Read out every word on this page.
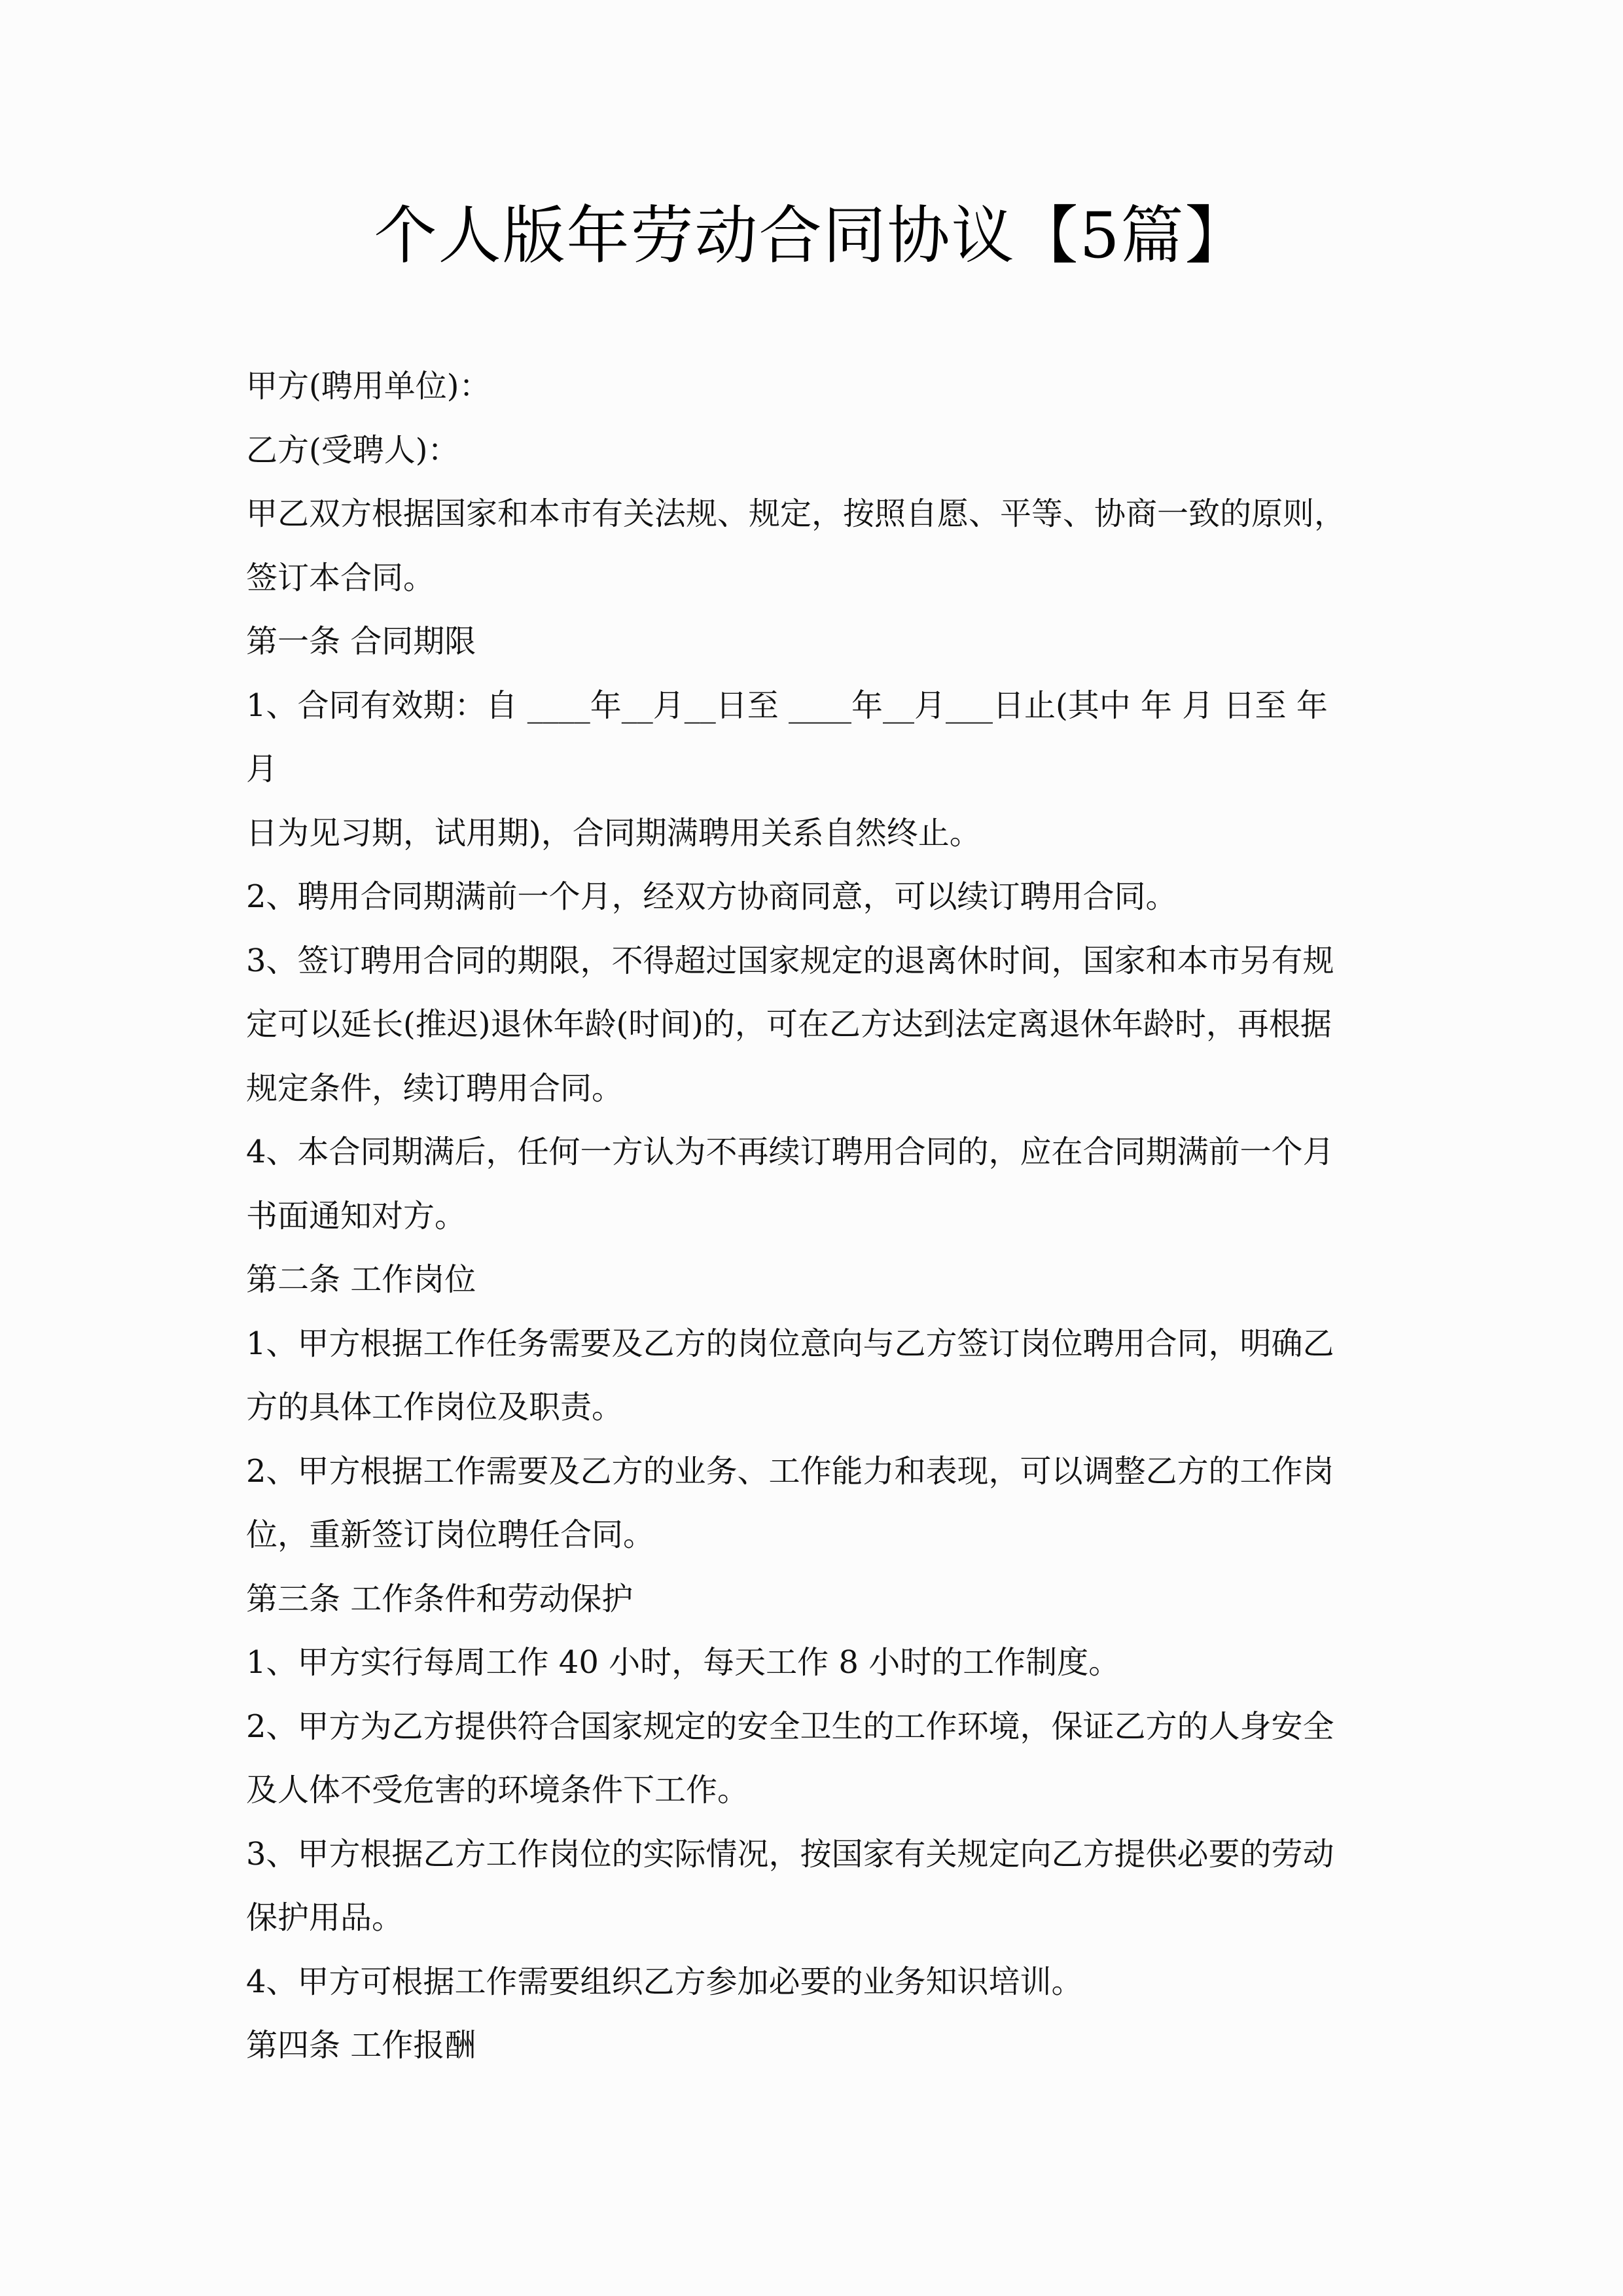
个人版年劳动合同协议【5篇】
甲方(聘用单位)：
乙方(受聘人)：
甲乙双方根据国家和本市有关法规、规定，按照自愿、平等、协商一致的原则，
签订本合同。
第一条 合同期限
1、合同有效期：自 ____年__月__日至 ____年__月___日止(其中 年 月 日至 年
月
日为见习期，试用期)，合同期满聘用关系自然终止。
2、聘用合同期满前一个月，经双方协商同意，可以续订聘用合同。
3、签订聘用合同的期限，不得超过国家规定的退离休时间，国家和本市另有规
定可以延长(推迟)退休年龄(时间)的，可在乙方达到法定离退休年龄时，再根据
规定条件，续订聘用合同。
4、本合同期满后，任何一方认为不再续订聘用合同的，应在合同期满前一个月
书面通知对方。
第二条 工作岗位
1、甲方根据工作任务需要及乙方的岗位意向与乙方签订岗位聘用合同，明确乙
方的具体工作岗位及职责。
2、甲方根据工作需要及乙方的业务、工作能力和表现，可以调整乙方的工作岗
位，重新签订岗位聘任合同。
第三条 工作条件和劳动保护
1、甲方实行每周工作 40 小时，每天工作 8 小时的工作制度。
2、甲方为乙方提供符合国家规定的安全卫生的工作环境，保证乙方的人身安全
及人体不受危害的环境条件下工作。
3、甲方根据乙方工作岗位的实际情况，按国家有关规定向乙方提供必要的劳动
保护用品。
4、甲方可根据工作需要组织乙方参加必要的业务知识培训。
第四条 工作报酬
